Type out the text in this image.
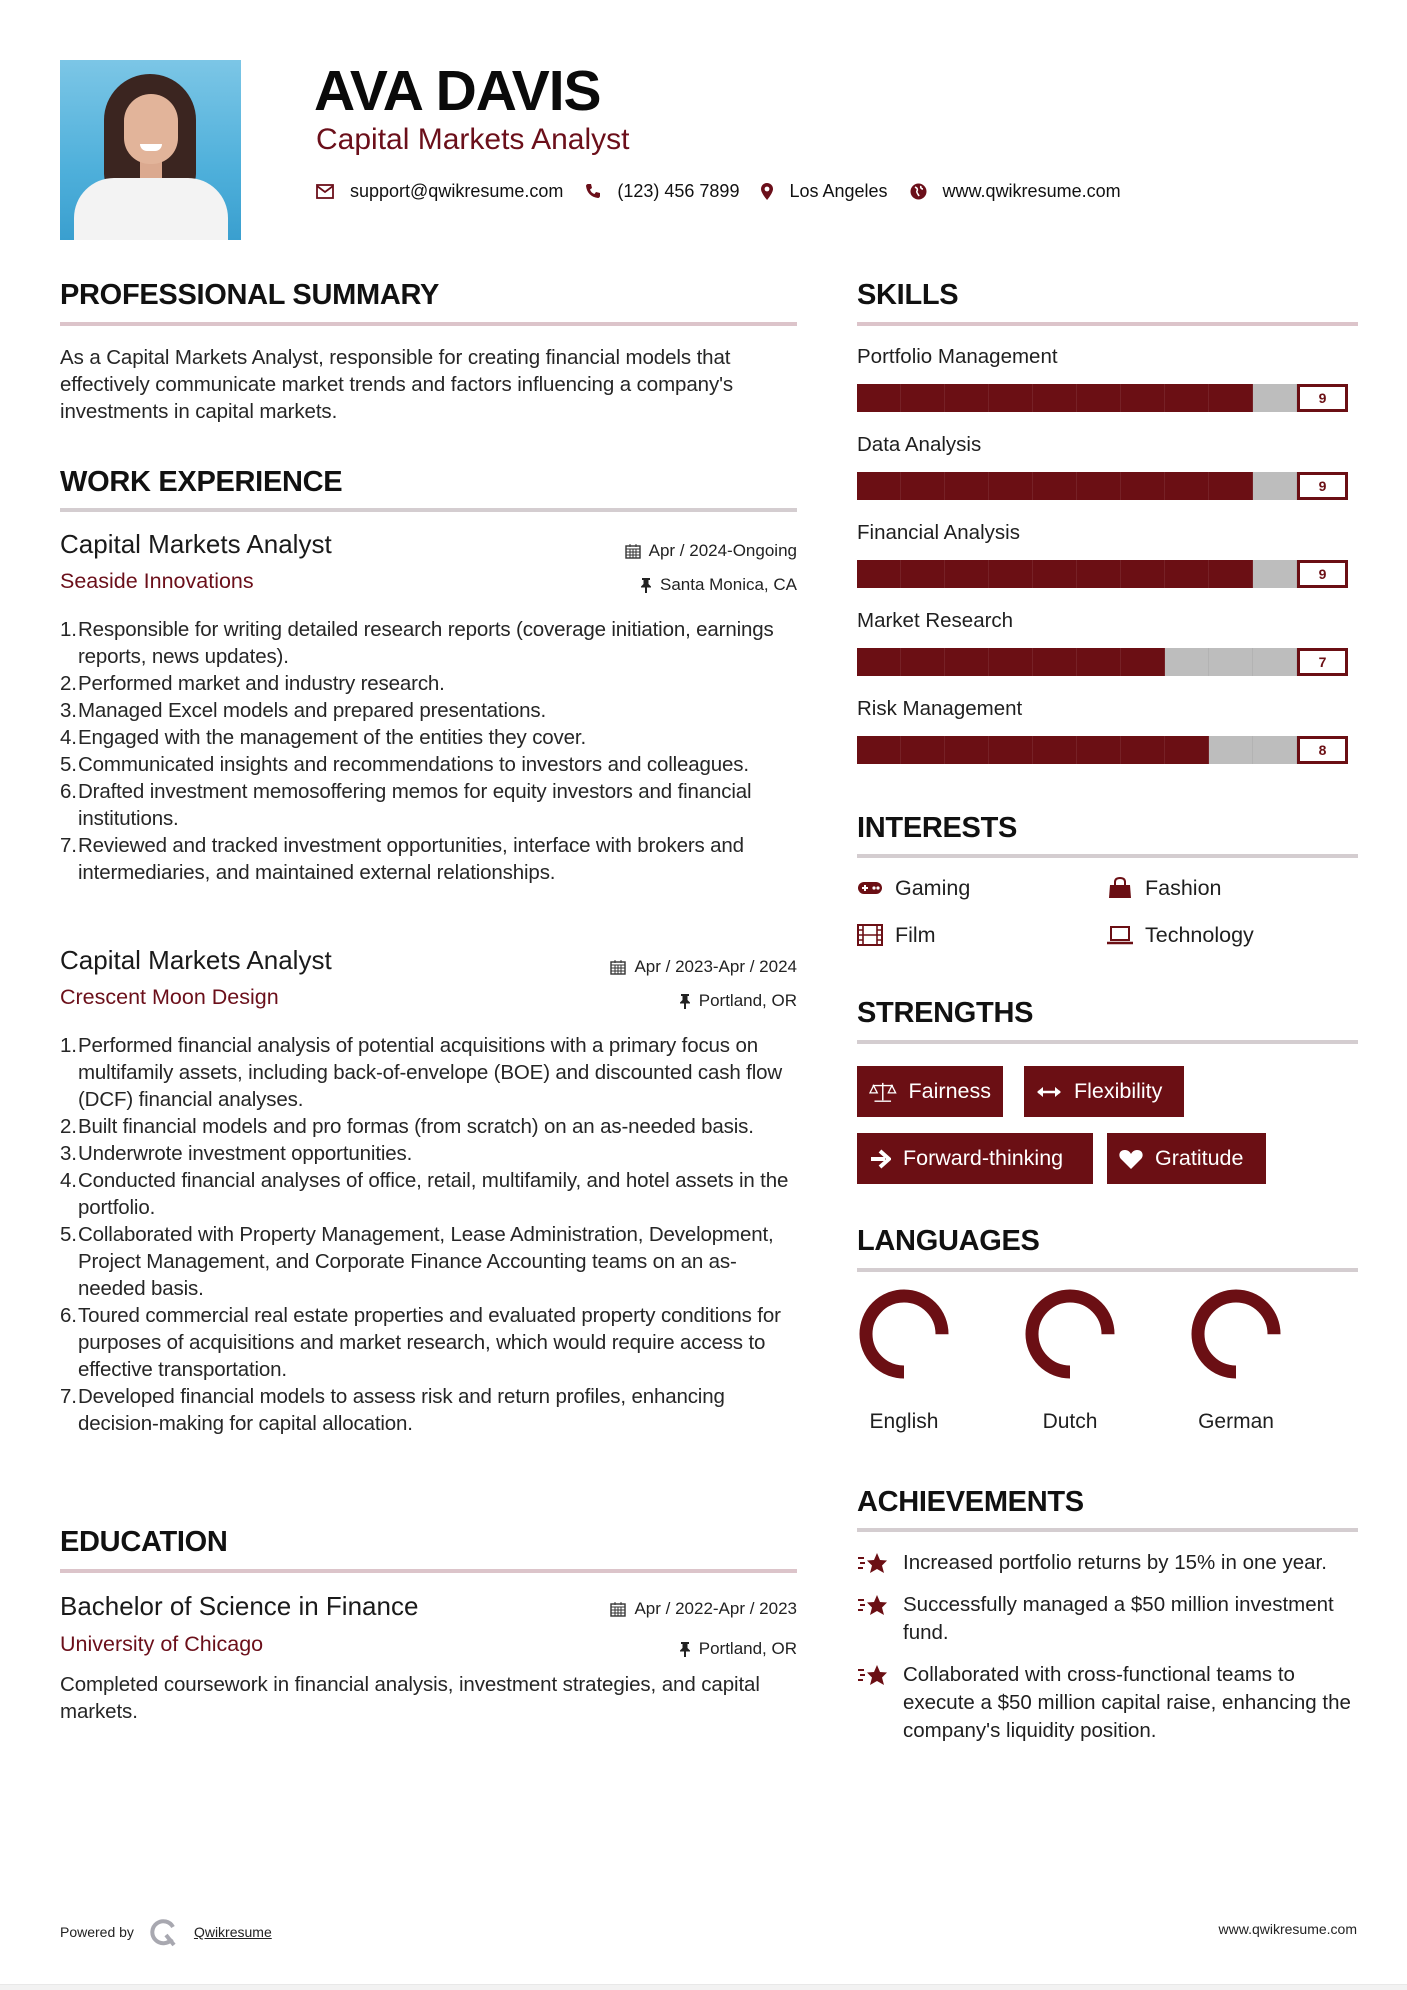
AVA DAVIS
Capital Markets Analyst
support@qwikresume.com	(123) 456 7899	Los Angeles	www.qwikresume.com
PROFESSIONAL SUMMARY
As a Capital Markets Analyst, responsible for creating financial models that effectively communicate market trends and factors influencing a company's investments in capital markets.
WORK EXPERIENCE
Capital Markets Analyst
Seaside Innovations
Apr / 2024-Ongoing
Santa Monica, CA
1. Responsible for writing detailed research reports (coverage initiation, earnings reports, news updates).
2. Performed market and industry research.
3. Managed Excel models and prepared presentations.
4. Engaged with the management of the entities they cover.
5. Communicated insights and recommendations to investors and colleagues.
6. Drafted investment memosoffering memos for equity investors and financial institutions.
7. Reviewed and tracked investment opportunities, interface with brokers and intermediaries, and maintained external relationships.
Capital Markets Analyst
Crescent Moon Design
Apr / 2023-Apr / 2024
Portland, OR
1. Performed financial analysis of potential acquisitions with a primary focus on multifamily assets, including back-of-envelope (BOE) and discounted cash flow (DCF) financial analyses.
2. Built financial models and pro formas (from scratch) on an as-needed basis.
3. Underwrote investment opportunities.
4. Conducted financial analyses of office, retail, multifamily, and hotel assets in the portfolio.
5. Collaborated with Property Management, Lease Administration, Development, Project Management, and Corporate Finance Accounting teams on an as-needed basis.
6. Toured commercial real estate properties and evaluated property conditions for purposes of acquisitions and market research, which would require access to effective transportation.
7. Developed financial models to assess risk and return profiles, enhancing decision-making for capital allocation.
EDUCATION
Bachelor of Science in Finance
University of Chicago
Apr / 2022-Apr / 2023
Portland, OR
Completed coursework in financial analysis, investment strategies, and capital markets.
SKILLS
Portfolio Management
9
Data Analysis
9
Financial Analysis
9
Market Research
7
Risk Management
8
INTERESTS
Gaming	Fashion
Film	Technology
STRENGTHS
Fairness	Flexibility
Forward-thinking	Gratitude
LANGUAGES
English	Dutch	German
ACHIEVEMENTS
Increased portfolio returns by 15% in one year.
Successfully managed a $50 million investment fund.
Collaborated with cross-functional teams to execute a $50 million capital raise, enhancing the company's liquidity position.
Powered by	Qwikresume	www.qwikresume.com
